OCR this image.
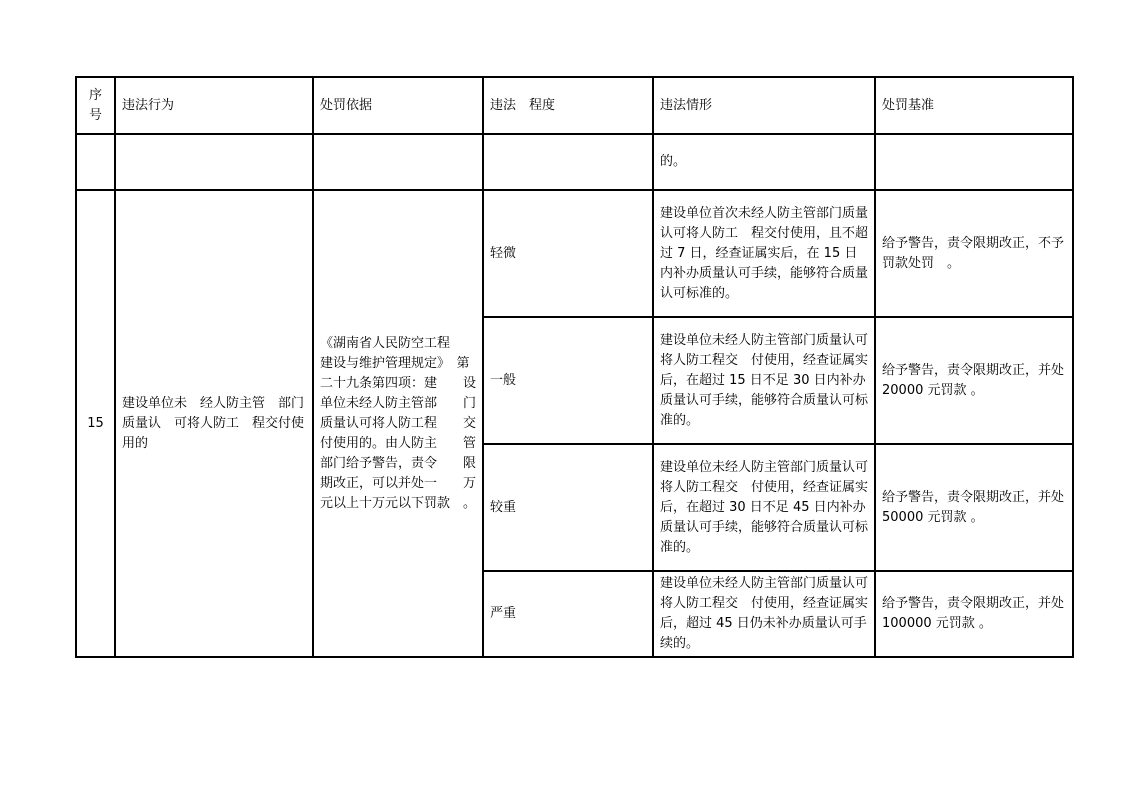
序
号	违法行为	处罚依据	违法　程度	违法情形	处罚基准
				的。	
15	建设单位未　经人防主管　部门质量认　可将人防工　程交付使用的	《湖南省人民防空工程　　建设与维护管理规定》　第二十九条第四项：建　　设单位未经人防主管部　　门质量认可将人防工程　　交付使用的。由人防主　　管部门给予警告，责令　　限期改正，可以并处一　　万元以上十万元以下罚款　。	轻微	建设单位首次未经人防主管部门质量认可将人防工　程交付使用，且不超过 7 日，经查证属实后，在 15 日内补办质量认可手续，能够符合质量认可标准的。	给予警告，责令限期改正，不予罚款处罚　。
			一般	建设单位未经人防主管部门质量认可将人防工程交　付使用，经查证属实后，在超过 15 日不足 30 日内补办质量认可手续，能够符合质量认可标准的。	给予警告，责令限期改正，并处 20000 元罚款 。
			较重	建设单位未经人防主管部门质量认可将人防工程交　付使用，经查证属实后，在超过 30 日不足 45 日内补办质量认可手续，能够符合质量认可标准的。	给予警告，责令限期改正，并处 50000 元罚款 。
			严重	建设单位未经人防主管部门质量认可将人防工程交　付使用，经查证属实后，超过 45 日仍未补办质量认可手续的。	给予警告，责令限期改正，并处 100000 元罚款 。
